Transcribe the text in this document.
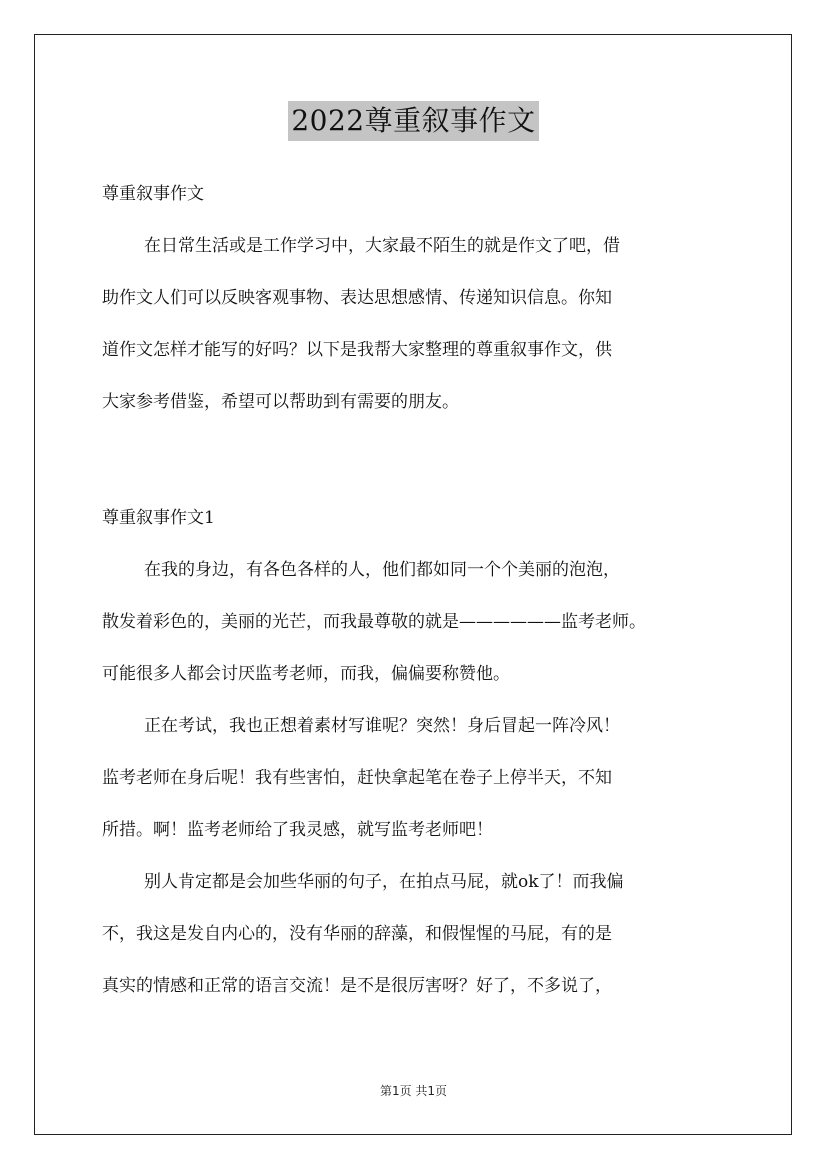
2022尊重叙事作文
尊重叙事作文

在日常生活或是工作学习中，大家最不陌生的就是作文了吧，借

助作文人们可以反映客观事物、表达思想感情、传递知识信息。你知

道作文怎样才能写的好吗？以下是我帮大家整理的尊重叙事作文，供

大家参考借鉴，希望可以帮助到有需要的朋友。

尊重叙事作文1

在我的身边，有各色各样的人，他们都如同一个个美丽的泡泡，

散发着彩色的，美丽的光芒，而我最尊敬的就是——————监考老师。

可能很多人都会讨厌监考老师，而我，偏偏要称赞他。

正在考试，我也正想着素材写谁呢？突然！身后冒起一阵冷风！

监考老师在身后呢！我有些害怕，赶快拿起笔在卷子上停半天，不知

所措。啊！监考老师给了我灵感，就写监考老师吧！

别人肯定都是会加些华丽的句子，在拍点马屁，就ok了！而我偏

不，我这是发自内心的，没有华丽的辞藻，和假惺惺的马屁，有的是

真实的情感和正常的语言交流！是不是很厉害呀？好了，不多说了，

第1页 共1页
